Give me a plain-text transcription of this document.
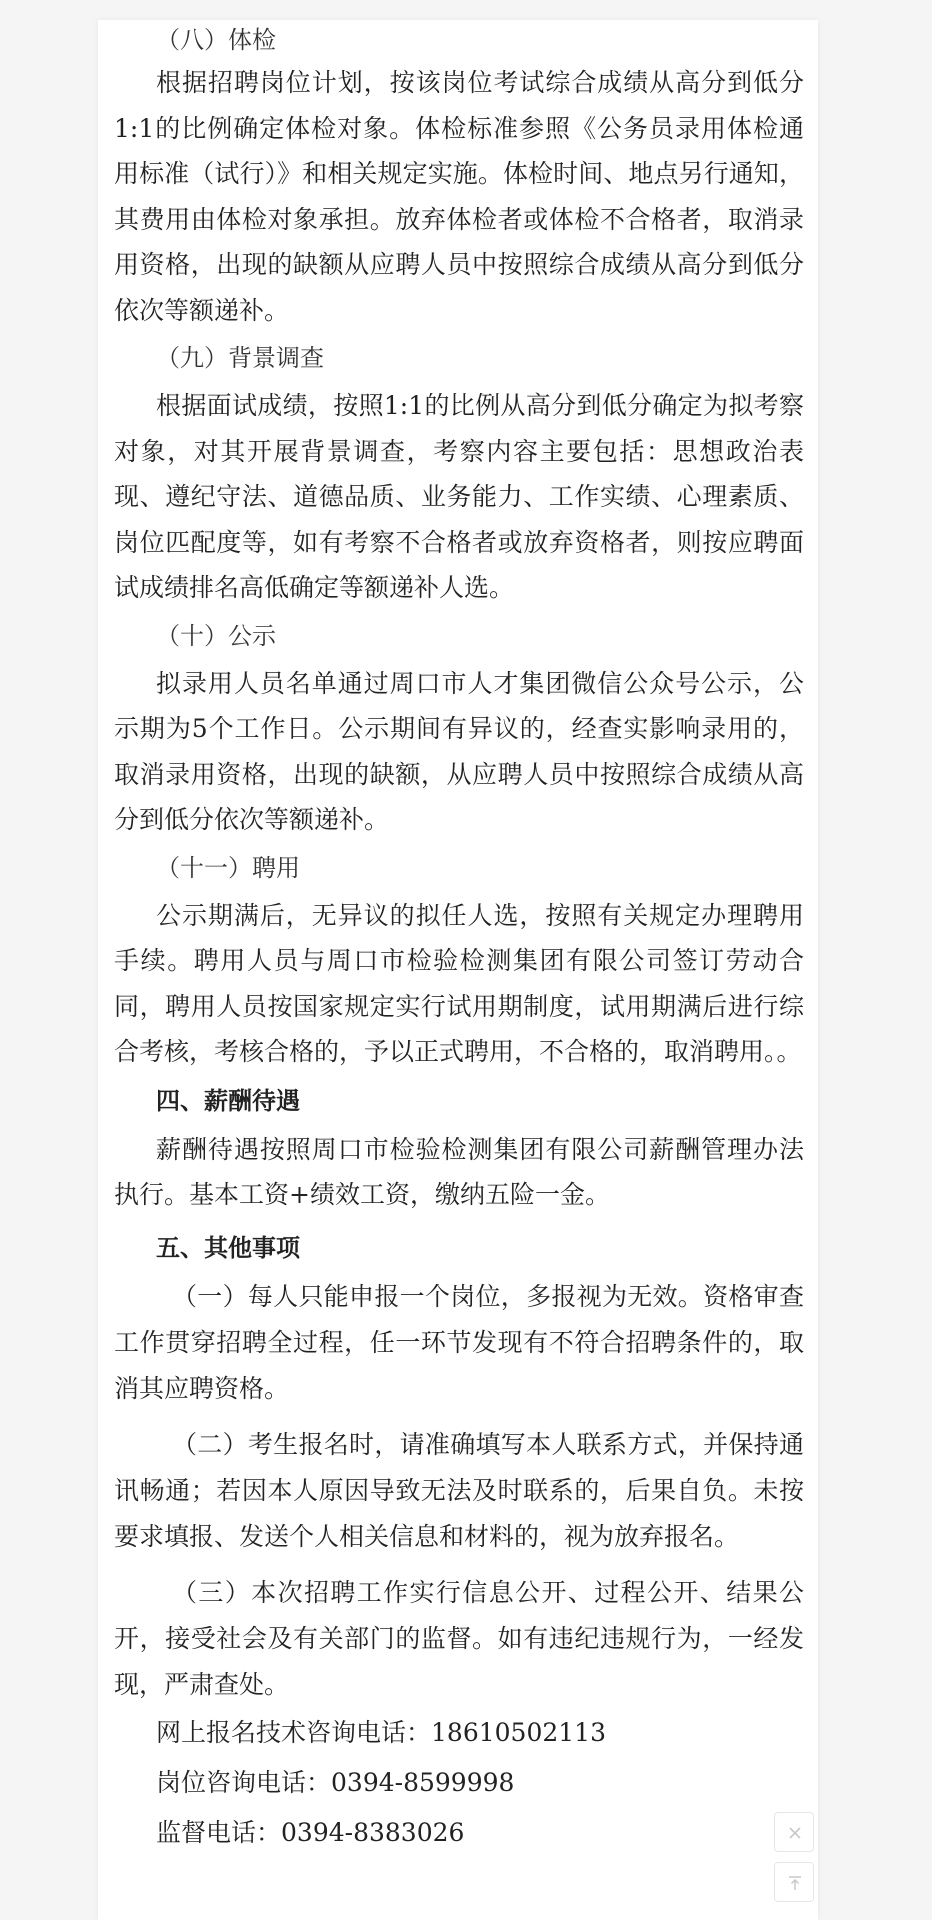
（八）体检

根据招聘岗位计划，按该岗位考试综合成绩从高分到低分1:1的比例确定体检对象。体检标准参照《公务员录用体检通用标准（试行）》和相关规定实施。体检时间、地点另行通知，其费用由体检对象承担。放弃体检者或体检不合格者，取消录用资格，出现的缺额从应聘人员中按照综合成绩从高分到低分依次等额递补。

（九）背景调查

根据面试成绩，按照1:1的比例从高分到低分确定为拟考察对象，对其开展背景调查，考察内容主要包括：思想政治表现、遵纪守法、道德品质、业务能力、工作实绩、心理素质、岗位匹配度等，如有考察不合格者或放弃资格者，则按应聘面试成绩排名高低确定等额递补人选。

（十）公示

拟录用人员名单通过周口市人才集团微信公众号公示，公示期为5个工作日。公示期间有异议的，经查实影响录用的，取消录用资格，出现的缺额，从应聘人员中按照综合成绩从高分到低分依次等额递补。

（十一）聘用

公示期满后，无异议的拟任人选，按照有关规定办理聘用手续。聘用人员与周口市检验检测集团有限公司签订劳动合同，聘用人员按国家规定实行试用期制度，试用期满后进行综合考核，考核合格的，予以正式聘用，不合格的，取消聘用。。

四、薪酬待遇

薪酬待遇按照周口市检验检测集团有限公司薪酬管理办法执行。基本工资+绩效工资，缴纳五险一金。

五、其他事项

（一）每人只能申报一个岗位，多报视为无效。资格审查工作贯穿招聘全过程，任一环节发现有不符合招聘条件的，取消其应聘资格。

（二）考生报名时，请准确填写本人联系方式，并保持通讯畅通；若因本人原因导致无法及时联系的，后果自负。未按要求填报、发送个人相关信息和材料的，视为放弃报名。

（三）本次招聘工作实行信息公开、过程公开、结果公开，接受社会及有关部门的监督。如有违纪违规行为，一经发现，严肃查处。

网上报名技术咨询电话：18610502113
岗位咨询电话：0394-8599998
监督电话：0394-8383026
